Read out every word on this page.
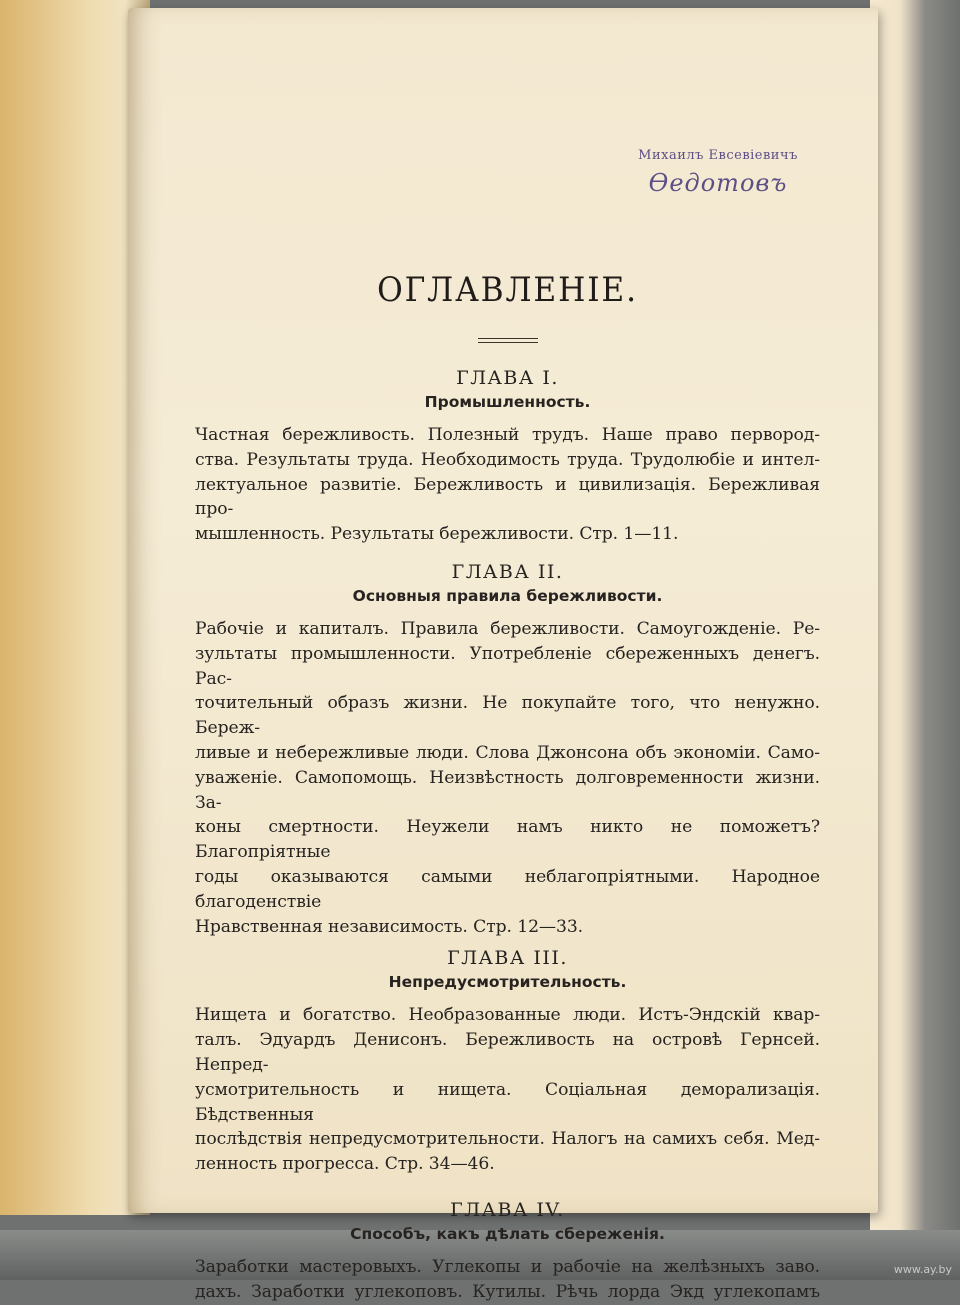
Михаилъ Евсевіевичъ
Өедотовъ
ОГЛАВЛЕНІЕ.
ГЛАВА I.
Промышленность.

Частная бережливость. Полезный трудъ. Наше право первород-
ства. Результаты труда. Необходимость труда. Трудолюбіе и интел-
лектуальное развитіе. Бережливость и цивилизація. Бережливая про-
мышленность. Результаты бережливости. Стр. 1—11.

ГЛАВА II.
Основныя правила бережливости.

Рабочіе и капиталъ. Правила бережливости. Самоугожденіе. Ре-
зультаты промышленности. Употребленіе сбереженныхъ денегъ. Рас-
точительный образъ жизни. Не покупайте того, что ненужно. Береж-
ливые и небережливые люди. Слова Джонсона объ экономіи. Само-
уваженіе. Самопомощь. Неизвѣстность долговременности жизни. За-
коны смертности. Неужели намъ никто не поможетъ? Благопріятные
годы оказываются самыми неблагопріятными. Народное благоденствіе
Нравственная независимость. Стр. 12—33.

ГЛАВА III.
Непредусмотрительность.

Нищета и богатство. Необразованные люди. Истъ-Эндскій квар-
талъ. Эдуардъ Денисонъ. Бережливость на островѣ Гернсей. Непред-
усмотрительность и нищета. Соціальная деморализація. Бѣдственныя
послѣдствія непредусмотрительности. Налогъ на самихъ себя. Мед-
ленность прогресса. Стр. 34—46.

ГЛАВА IV.
Способъ, какъ дѣлать сбереженія.

Заработки мастеровыхъ. Углекопы и рабочіе на желѣзныхъ заво.
дахъ. Заработки углекоповъ. Кутилы. Рѣчь лорда Экд углекопамъ

www.ay.by
